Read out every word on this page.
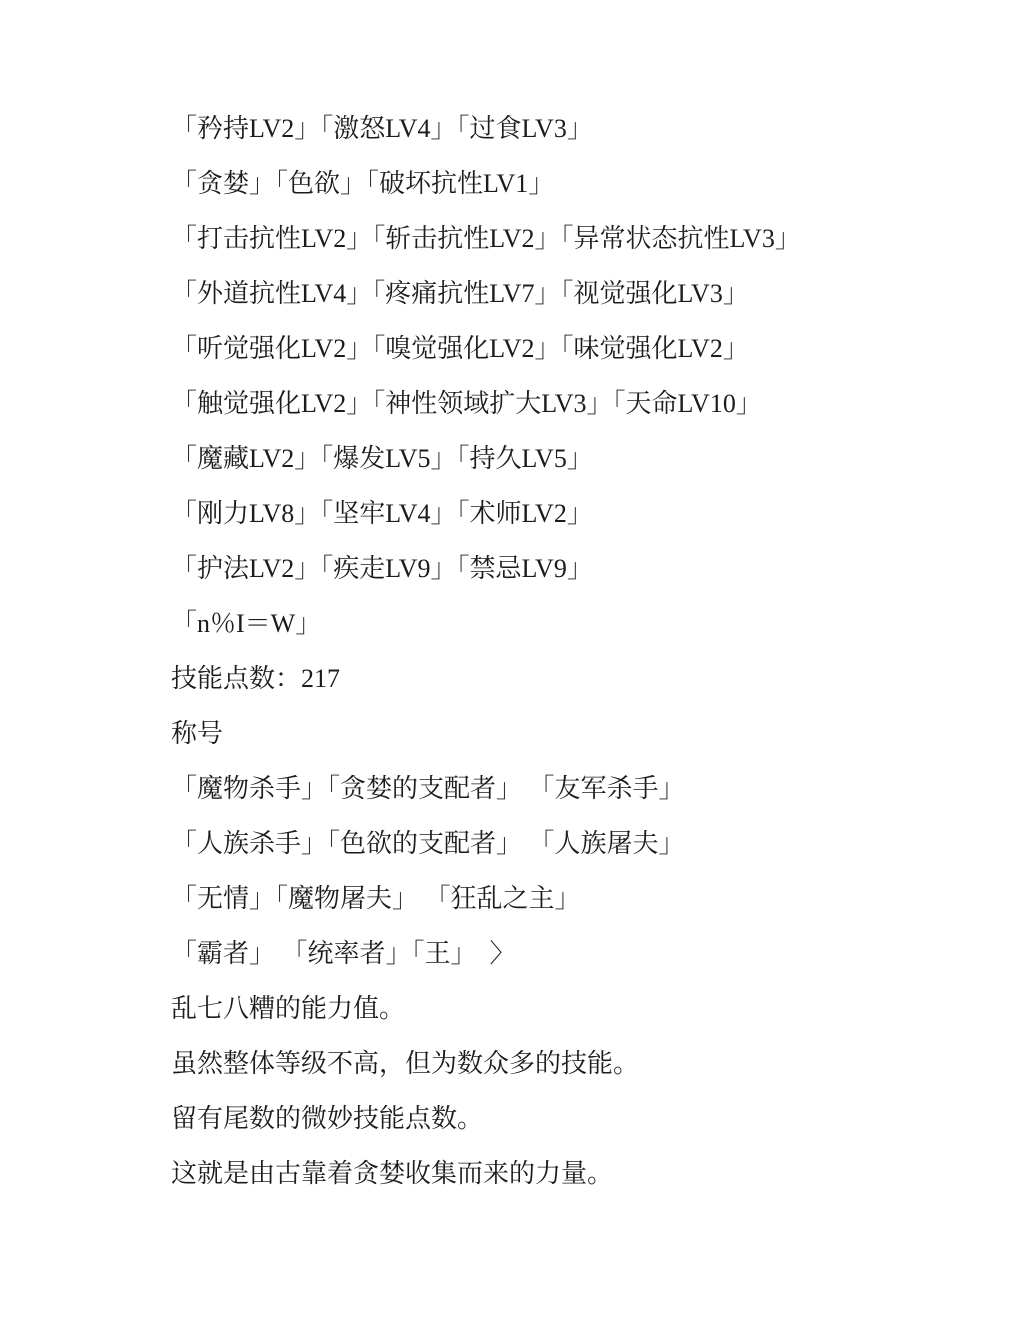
「矜持LV2」「激怒LV4」「过食LV3」
「贪婪」「色欲」「破坏抗性LV1」
「打击抗性LV2」「斩击抗性LV2」「异常状态抗性LV3」
「外道抗性LV4」「疼痛抗性LV7」「视觉强化LV3」
「听觉强化LV2」「嗅觉强化LV2」「味觉强化LV2」
「触觉强化LV2」「神性领域扩大LV3」「天命LV10」
「魔藏LV2」「爆发LV5」「持久LV5」
「刚力LV8」「坚牢LV4」「术师LV2」
「护法LV2」「疾走LV9」「禁忌LV9」
「n％I＝W」
技能点数：217
称号
「魔物杀手」「贪婪的支配者」 「友军杀手」
「人族杀手」「色欲的支配者」 「人族屠夫」
「无情」「魔物屠夫」 「狂乱之主」
「霸者」 「统率者」「王」　〉
乱七八糟的能力值。
虽然整体等级不高，但为数众多的技能。
留有尾数的微妙技能点数。
这就是由古靠着贪婪收集而来的力量。
